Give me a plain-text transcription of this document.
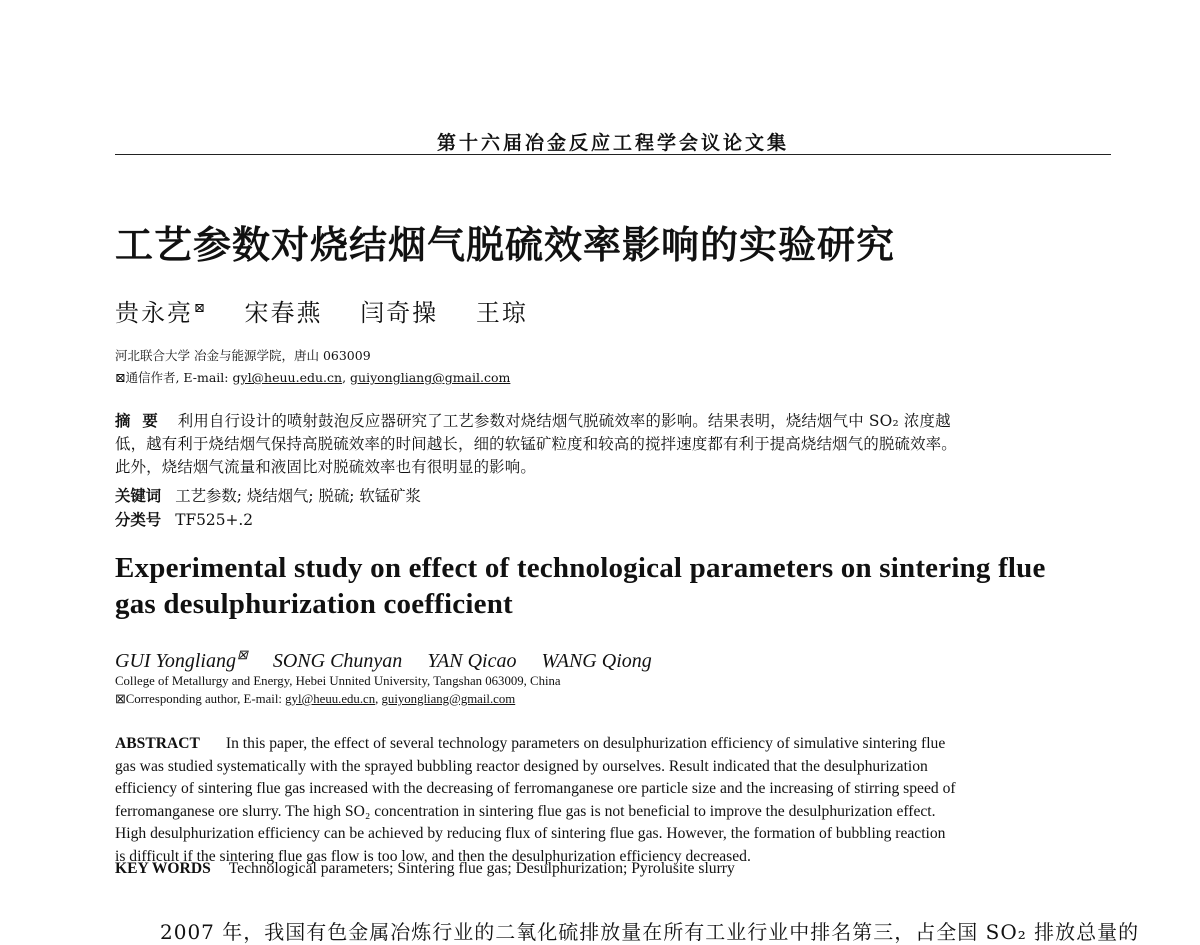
第十六届冶金反应工程学会议论文集
工艺参数对烧结烟气脱硫效率影响的实验研究
贵永亮⊠ 宋春燕 闫奇操 王琼
河北联合大学 冶金与能源学院，唐山 063009
⊠通信作者, E-mail: gyl@heuu.edu.cn, guiyongliang@gmail.com

摘要 利用自行设计的喷射鼓泡反应器研究了工艺参数对烧结烟气脱硫效率的影响。结果表明，烧结烟气中 SO₂ 浓度越

低，越有利于烧结烟气保持高脱硫效率的时间越长，细的软锰矿粒度和较高的搅拌速度都有利于提高烧结烟气的脱硫效率。

此外，烧结烟气流量和液固比对脱硫效率也有很明显的影响。

关键词 工艺参数; 烧结烟气; 脱硫; 软锰矿浆
分类号 TF525+.2

Experimental study on effect of technological parameters on sintering flue

gas desulphurization coefficient

GUI Yongliang⊠ SONG Chunyan YAN Qicao WANG Qiong
College of Metallurgy and Energy, Hebei Unnited University, Tangshan 063009, China
⊠Corresponding author, E-mail: gyl@heuu.edu.cn, guiyongliang@gmail.com

ABSTRACT In this paper, the effect of several technology parameters on desulphurization efficiency of simulative sintering flue

gas was studied systematically with the sprayed bubbling reactor designed by ourselves. Result indicated that the desulphurization

efficiency of sintering flue gas increased with the decreasing of ferromanganese ore particle size and the increasing of stirring speed of

ferromanganese ore slurry. The high SO₂ concentration in sintering flue gas is not beneficial to improve the desulphurization effect.

High desulphurization efficiency can be achieved by reducing flux of sintering flue gas. However, the formation of bubbling reaction

is difficult if the sintering flue gas flow is too low, and then the desulphurization efficiency decreased.

KEY WORDS Technological parameters; Sintering flue gas; Desulphurization; Pyrolusite slurry
2007 年，我国有色金属冶炼行业的二氧化硫排放量在所有工业行业中排名第三，占全国 SO₂ 排放总量的
